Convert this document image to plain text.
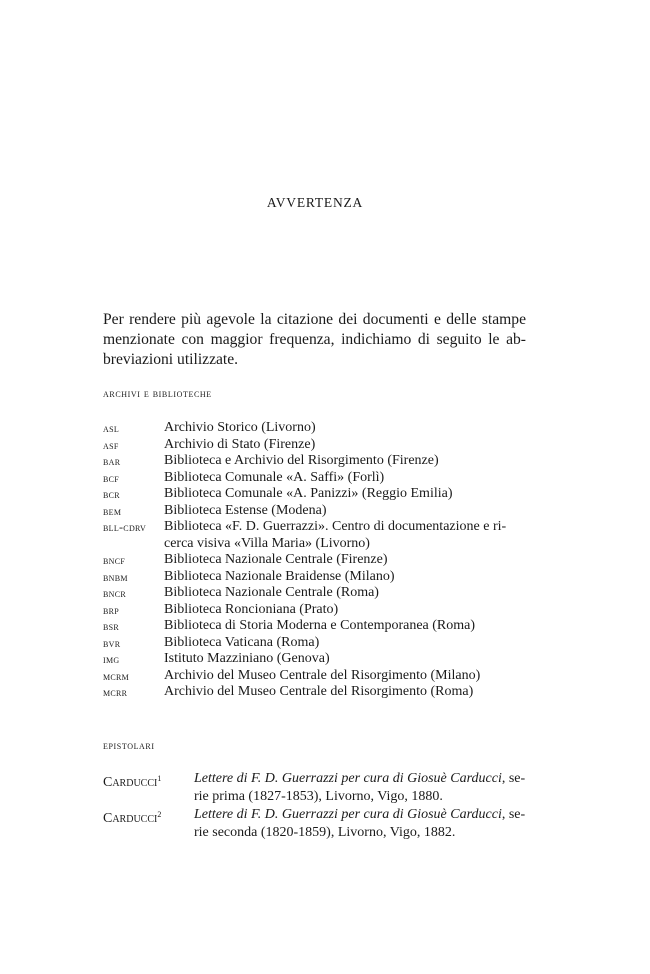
AVVERTENZA

Per rendere più agevole la citazione dei documenti e delle stampe
menzionate con maggior frequenza, indichiamo di seguito le ab-
breviazioni utilizzate.

archivi e biblioteche
asl	Archivio Storico (Livorno)
asf	Archivio di Stato (Firenze)
bar	Biblioteca e Archivio del Risorgimento (Firenze)
bcf	Biblioteca Comunale «A. Saffi» (Forlì)
bcr	Biblioteca Comunale «A. Panizzi» (Reggio Emilia)
bem	Biblioteca Estense (Modena)
bll-cdrv	Biblioteca «F. D. Guerrazzi». Centro di documentazione e ri-
cerca visiva «Villa Maria» (Livorno)
bncf	Biblioteca Nazionale Centrale (Firenze)
bnbm	Biblioteca Nazionale Braidense (Milano)
bncr	Biblioteca Nazionale Centrale (Roma)
brp	Biblioteca Roncioniana (Prato)
bsr	Biblioteca di Storia Moderna e Contemporanea (Roma)
bvr	Biblioteca Vaticana (Roma)
img	Istituto Mazziniano (Genova)
mcrm	Archivio del Museo Centrale del Risorgimento (Milano)
mcrr	Archivio del Museo Centrale del Risorgimento (Roma)
epistolari
Carducci$^1$	Lettere di F. D. Guerrazzi per cura di Giosuè Carducci, se-
rie prima (1827-1853), Livorno, Vigo, 1880.
Carducci$^2$	Lettere di F. D. Guerrazzi per cura di Giosuè Carducci, se-
rie seconda (1820-1859), Livorno, Vigo, 1882.
